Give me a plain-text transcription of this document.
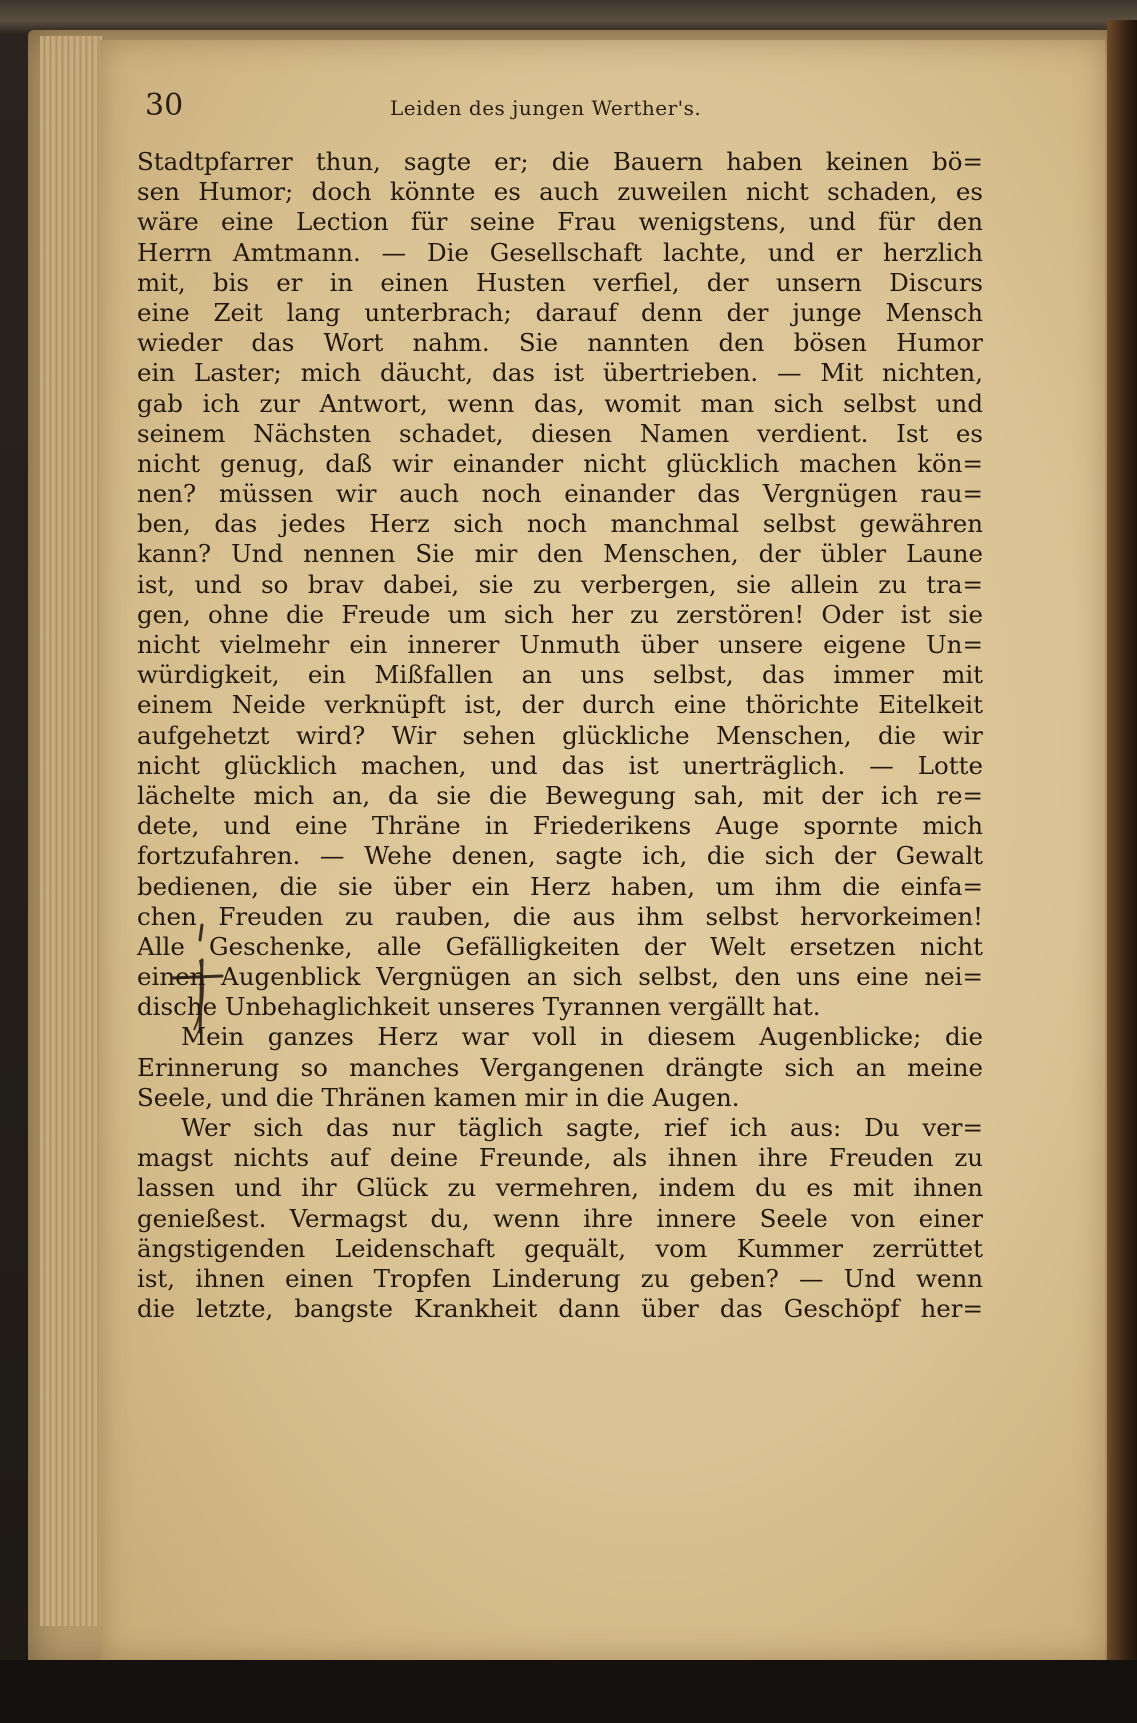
30	Leiden des jungen Werther's.
Stadtpfarrer thun, sagte er; die Bauern haben keinen bö=
sen Humor; doch könnte es auch zuweilen nicht schaden, es
wäre eine Lection für seine Frau wenigstens, und für den
Herrn Amtmann. — Die Gesellschaft lachte, und er herzlich
mit, bis er in einen Husten verfiel, der unsern Discurs
eine Zeit lang unterbrach; darauf denn der junge Mensch
wieder das Wort nahm. Sie nannten den bösen Humor
ein Laster; mich däucht, das ist übertrieben. — Mit nichten,
gab ich zur Antwort, wenn das, womit man sich selbst und
seinem Nächsten schadet, diesen Namen verdient. Ist es
nicht genug, daß wir einander nicht glücklich machen kön=
nen? müssen wir auch noch einander das Vergnügen rau=
ben, das jedes Herz sich noch manchmal selbst gewähren
kann? Und nennen Sie mir den Menschen, der übler Laune
ist, und so brav dabei, sie zu verbergen, sie allein zu tra=
gen, ohne die Freude um sich her zu zerstören! Oder ist sie
nicht vielmehr ein innerer Unmuth über unsere eigene Un=
würdigkeit, ein Mißfallen an uns selbst, das immer mit
einem Neide verknüpft ist, der durch eine thörichte Eitelkeit
aufgehetzt wird? Wir sehen glückliche Menschen, die wir
nicht glücklich machen, und das ist unerträglich. — Lotte
lächelte mich an, da sie die Bewegung sah, mit der ich re=
dete, und eine Thräne in Friederikens Auge spornte mich
fortzufahren. — Wehe denen, sagte ich, die sich der Gewalt
bedienen, die sie über ein Herz haben, um ihm die einfa=
chen Freuden zu rauben, die aus ihm selbst hervorkeimen!
Alle Geschenke, alle Gefälligkeiten der Welt ersetzen nicht
einen Augenblick Vergnügen an sich selbst, den uns eine nei=
dische Unbehaglichkeit unseres Tyrannen vergällt hat.
Mein ganzes Herz war voll in diesem Augenblicke; die
Erinnerung so manches Vergangenen drängte sich an meine
Seele, und die Thränen kamen mir in die Augen.
Wer sich das nur täglich sagte, rief ich aus: Du ver=
magst nichts auf deine Freunde, als ihnen ihre Freuden zu
lassen und ihr Glück zu vermehren, indem du es mit ihnen
genießest. Vermagst du, wenn ihre innere Seele von einer
ängstigenden Leidenschaft gequält, vom Kummer zerrüttet
ist, ihnen einen Tropfen Linderung zu geben? — Und wenn
die letzte, bangste Krankheit dann über das Geschöpf her=
